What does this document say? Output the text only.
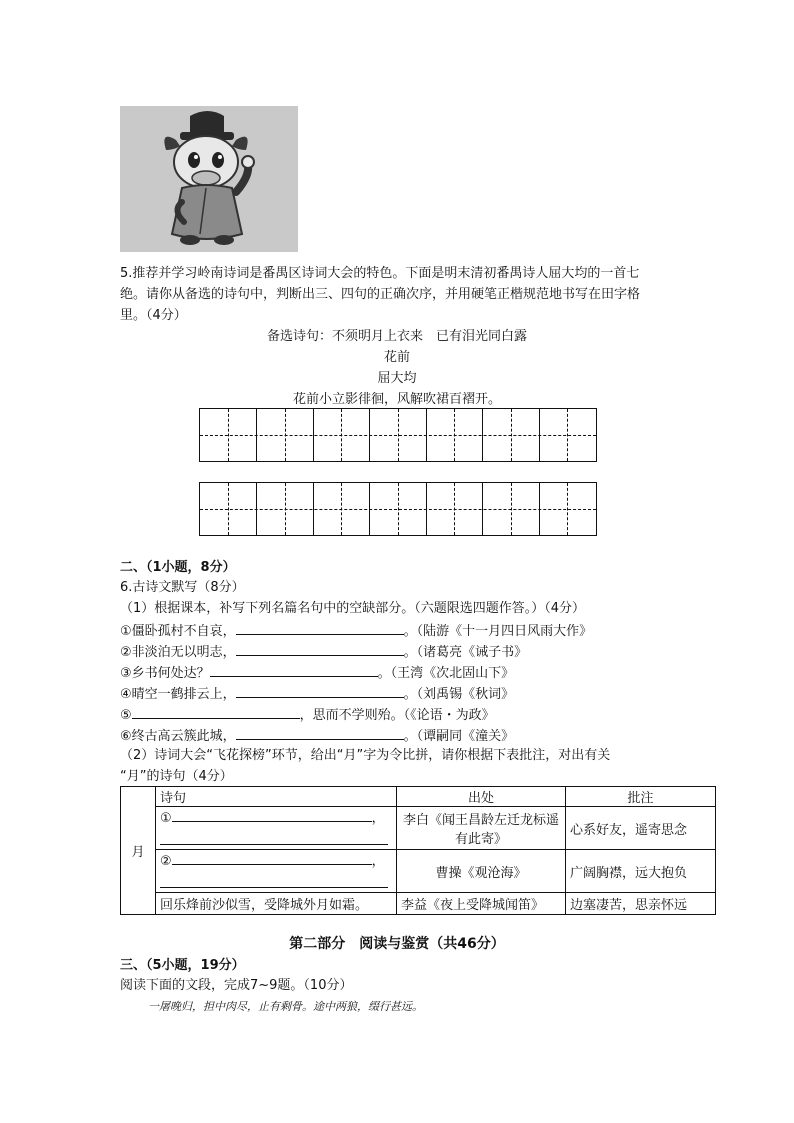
5.推荐并学习岭南诗词是番禺区诗词大会的特色。下面是明末清初番禺诗人屈大均的一首七
绝。请你从备选的诗句中，判断出三、四句的正确次序，并用硬笔正楷规范地书写在田字格
里。（4分）
备选诗句：不须明月上衣来　已有泪光同白露
花前
屈大均
花前小立影徘徊，风解吹裙百褶开。
二、（1小题，8分）
6.古诗文默写（8分）
（1）根据课本，补写下列名篇名句中的空缺部分。（六题限选四题作答。）（4分）
①僵卧孤村不自哀，	。（陆游《十一月四日风雨大作》
②非淡泊无以明志，	。（诸葛亮《诫子书》
③乡书何处达？	。（王湾《次北固山下》
④晴空一鹤排云上，	。（刘禹锡《秋词》
⑤	，思而不学则殆。（《论语・为政》
⑥终古高云簇此城，	。（谭嗣同《潼关》
（2）诗词大会“飞花探榜”环节，给出“月”字为令比拼，请你根据下表批注，对出有关
“月”的诗句（4分）
月	诗句	出处	批注

	① ，	李白《闻王昌龄左迁龙标遥有此寄》	心系好友，遥寄思念

	② ，	曹操《观沧海》	广阔胸襟，远大抱负
	回乐烽前沙似雪，受降城外月如霜。	李益《夜上受降城闻笛》	边塞凄苦，思亲怀远
第二部分　阅读与鉴赏（共46分）
三、（5小题，19分）
阅读下面的文段，完成7~9题。（10分）
一屠晚归，担中肉尽，止有剩骨。途中两狼，缀行甚远。
